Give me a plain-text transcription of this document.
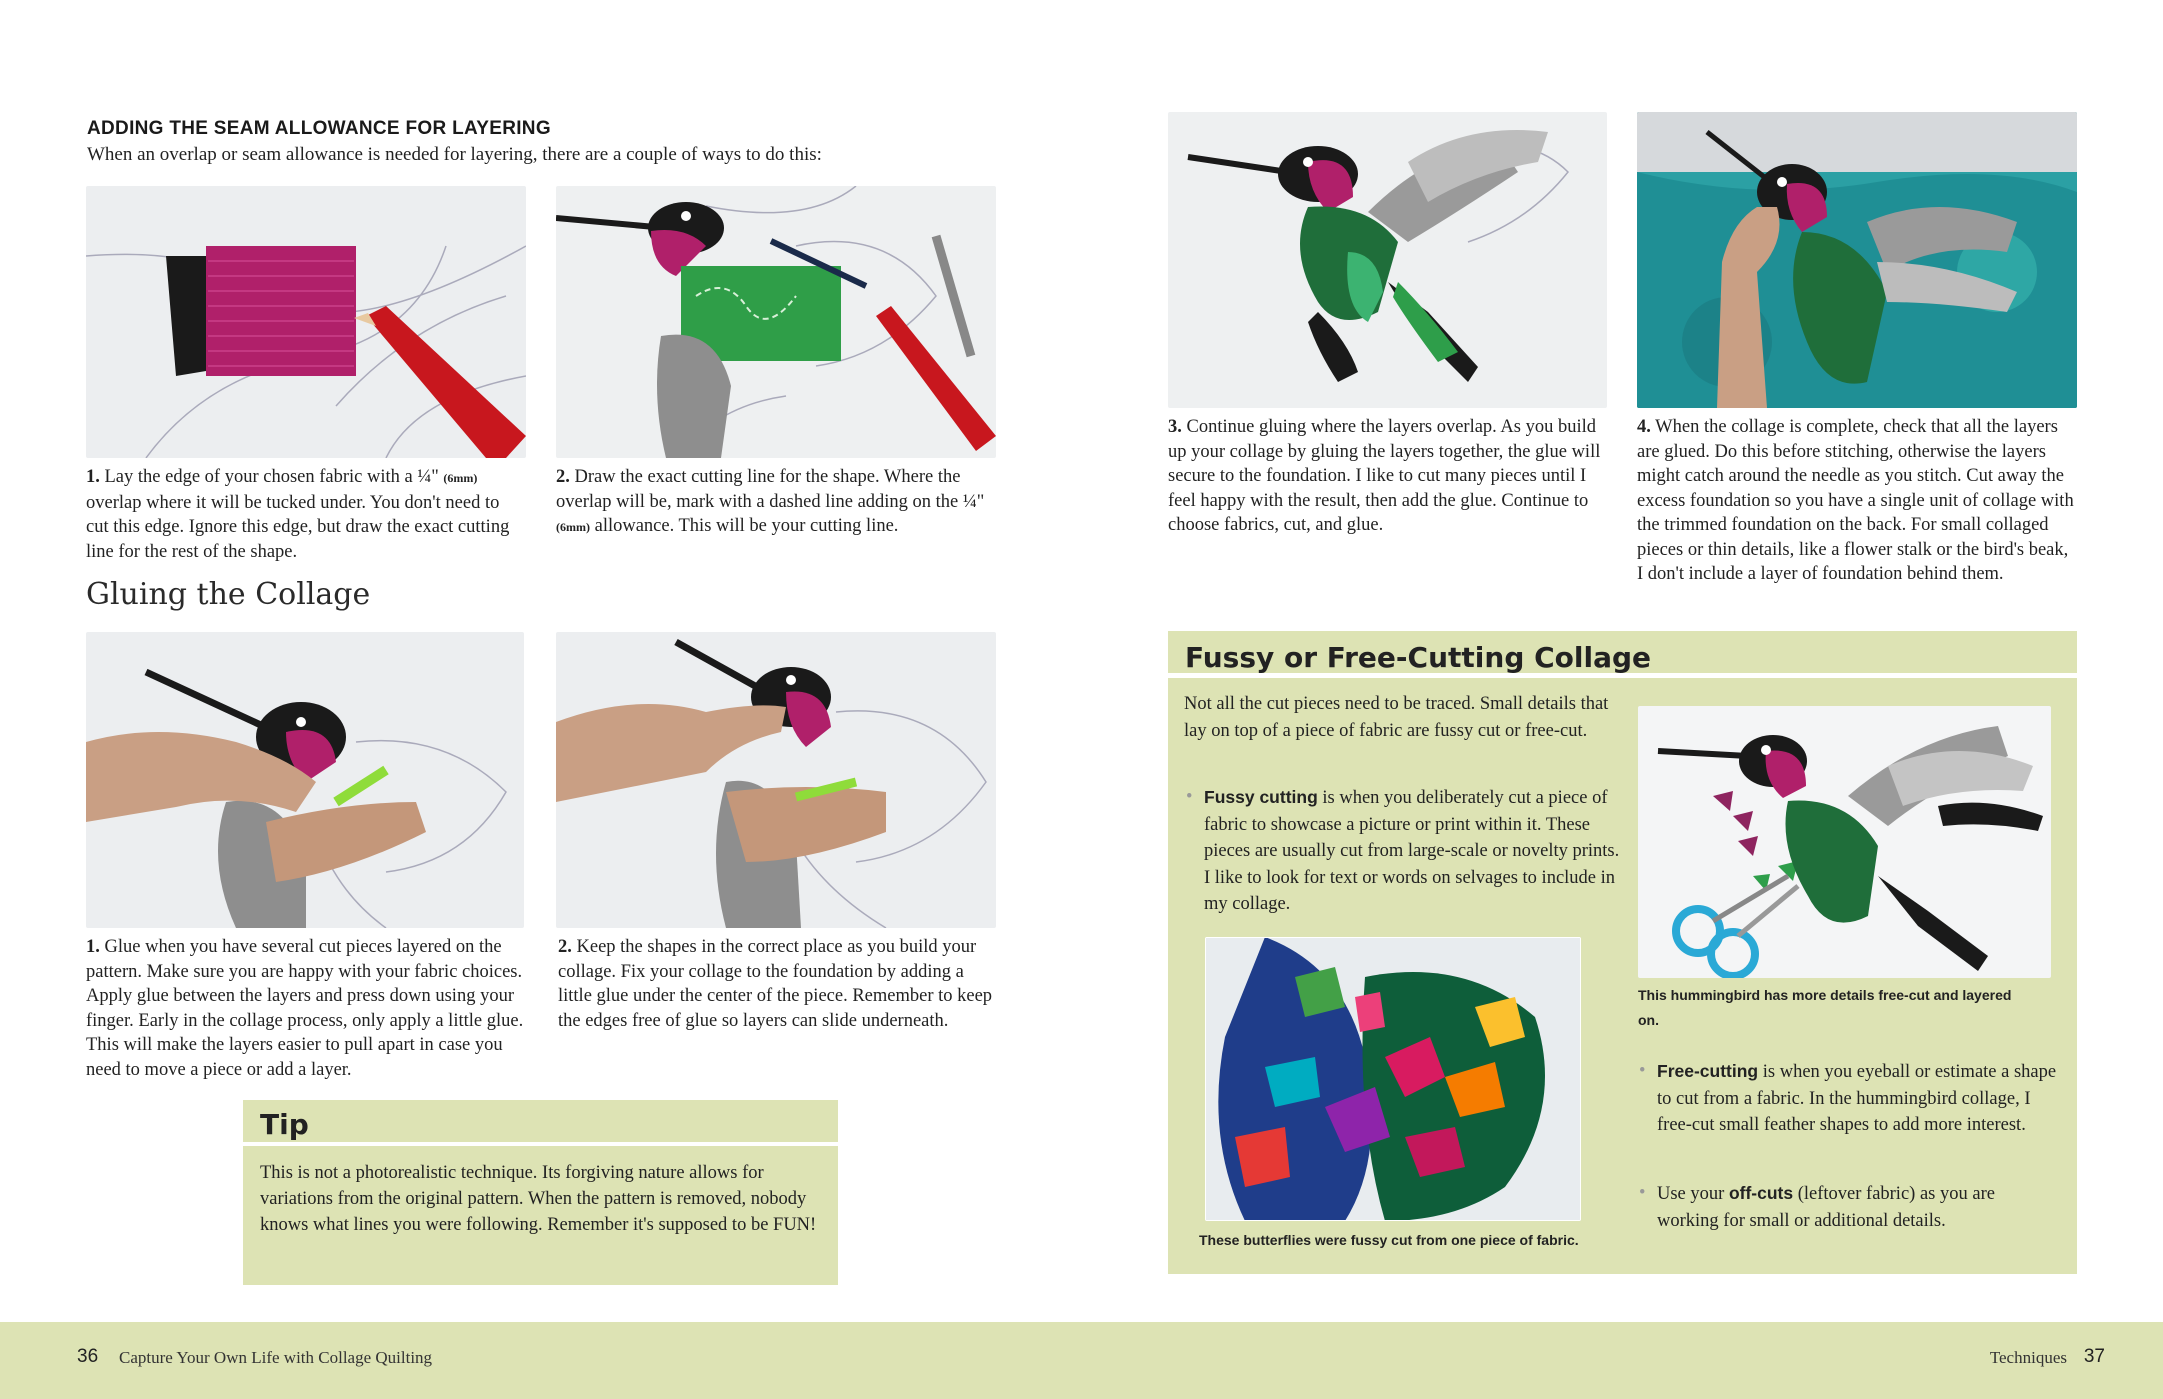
ADDING THE SEAM ALLOWANCE FOR LAYERING
When an overlap or seam allowance is needed for layering, there are a couple of ways to do this:
1. Lay the edge of your chosen fabric with a ¼" (6mm) overlap where it will be tucked under. You don't need to cut this edge. Ignore this edge, but draw the exact cutting line for the rest of the shape.
2. Draw the exact cutting line for the shape. Where the overlap will be, mark with a dashed line adding on the ¼" (6mm) allowance. This will be your cutting line.
Gluing the Collage
1. Glue when you have several cut pieces layered on the pattern. Make sure you are happy with your fabric choices. Apply glue between the layers and press down using your finger. Early in the collage process, only apply a little glue. This will make the layers easier to pull apart in case you need to move a piece or add a layer.
2. Keep the shapes in the correct place as you build your collage. Fix your collage to the foundation by adding a little glue under the center of the piece. Remember to keep the edges free of glue so layers can slide underneath.
Tip
This is not a photorealistic technique. Its forgiving nature allows for variations from the original pattern. When the pattern is removed, nobody knows what lines you were following. Remember it's supposed to be FUN!
3. Continue gluing where the layers overlap. As you build up your collage by gluing the layers together, the glue will secure to the foundation. I like to cut many pieces until I feel happy with the result, then add the glue. Continue to choose fabrics, cut, and glue.
4. When the collage is complete, check that all the layers are glued. Do this before stitching, otherwise the layers might catch around the needle as you stitch. Cut away the excess foundation so you have a single unit of collage with the trimmed foundation on the back. For small collaged pieces or thin details, like a flower stalk or the bird's beak, I don't include a layer of foundation behind them.
Fussy or Free-Cutting Collage
Not all the cut pieces need to be traced. Small details that lay on top of a piece of fabric are fussy cut or free-cut.
• Fussy cutting is when you deliberately cut a piece of fabric to showcase a picture or print within it. These pieces are usually cut from large-scale or novelty prints. I like to look for text or words on selvages to include in my collage.
These butterflies were fussy cut from one piece of fabric.
This hummingbird has more details free-cut and layered on.
• Free-cutting is when you eyeball or estimate a shape to cut from a fabric. In the hummingbird collage, I free-cut small feather shapes to add more interest.
• Use your off-cuts (leftover fabric) as you are working for small or additional details.
36 Capture Your Own Life with Collage Quilting	Techniques 37
